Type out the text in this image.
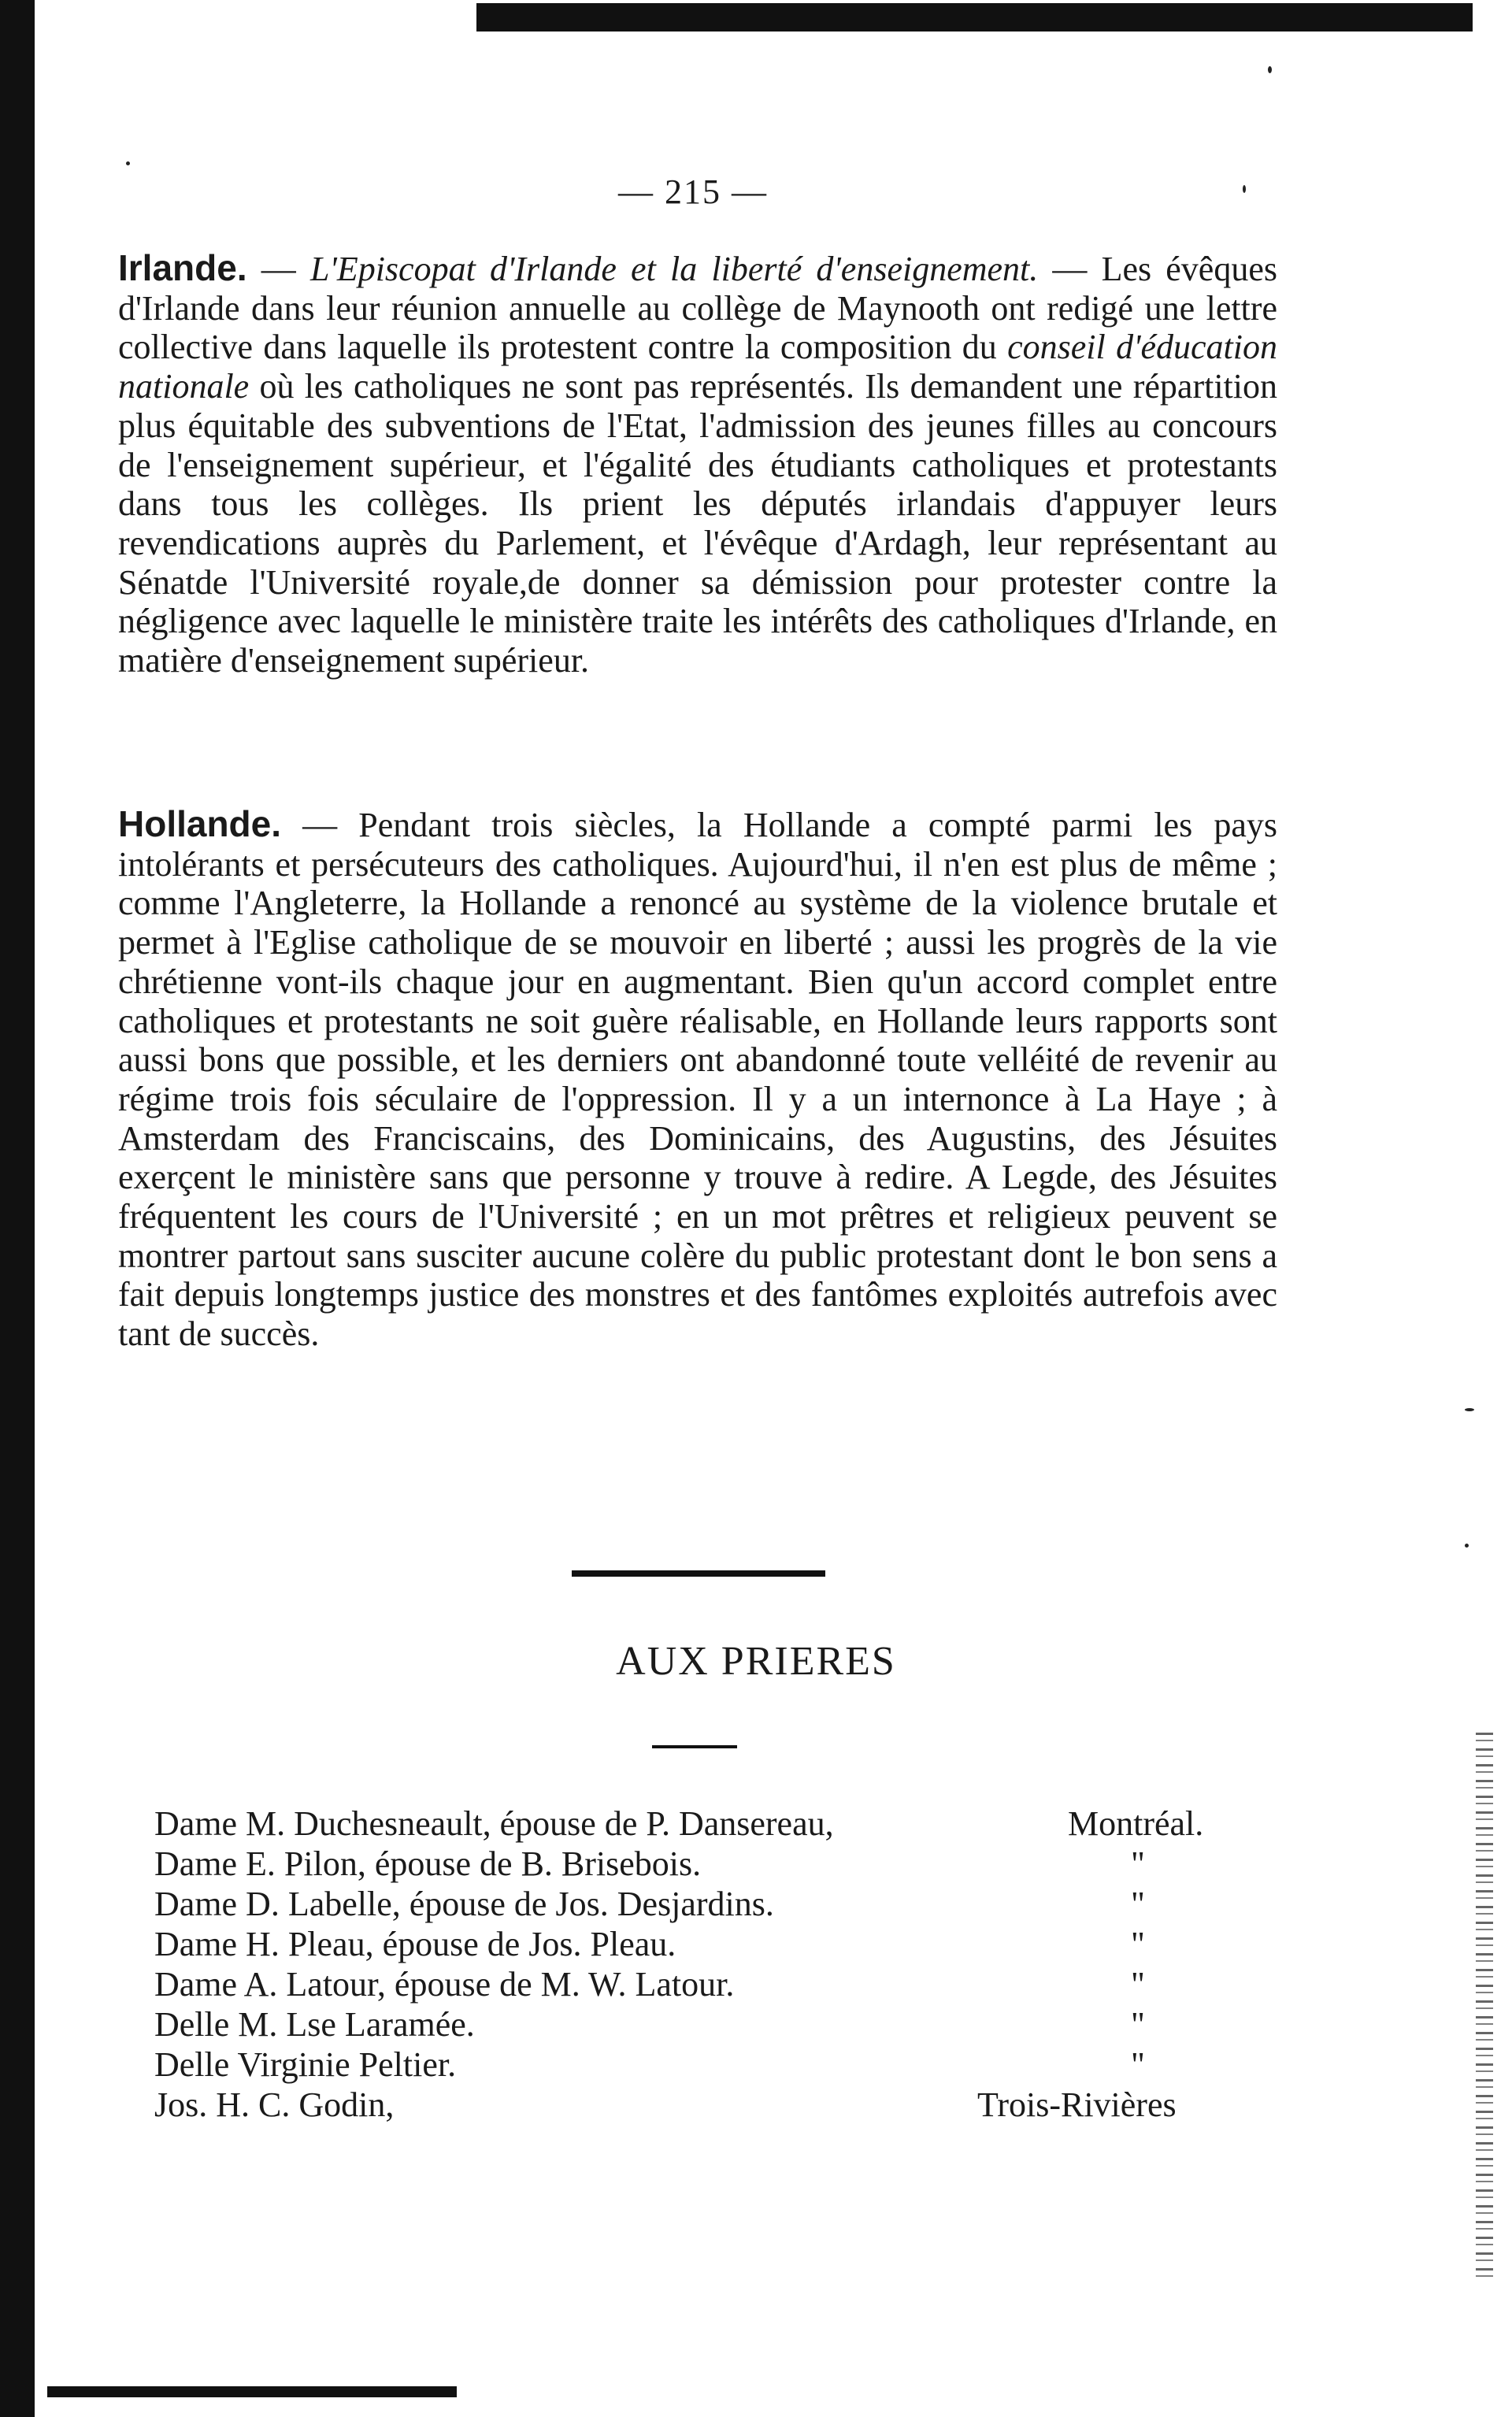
— 215 —

Irlande. — L'Episcopat d'Irlande et la liberté d'enseignement. — Les évêques d'Irlande dans leur réunion annuelle au collège de Maynooth ont redigé une lettre collective dans laquelle ils protestent contre la composition du conseil d'éducation nationale où les catholiques ne sont pas représentés. Ils demandent une répartition plus équitable des subventions de l'Etat, l'admission des jeunes filles au concours de l'enseignement supérieur, et l'égalité des étudiants catholiques et protestants dans tous les collèges. Ils prient les députés irlandais d'appuyer leurs revendications auprès du Parlement, et l'évêque d'Ardagh, leur représentant au Sénatde l'Université royale,de donner sa démission pour protester contre la négligence avec laquelle le ministère traite les intérêts des catholiques d'Irlande, en matière d'enseignement supérieur.

Hollande. — Pendant trois siècles, la Hollande a compté parmi les pays intolérants et persécuteurs des catholiques. Aujourd'hui, il n'en est plus de même ; comme l'Angleterre, la Hollande a renoncé au système de la violence brutale et permet à l'Eglise catholique de se mouvoir en liberté ; aussi les progrès de la vie chrétienne vont-ils chaque jour en augmentant. Bien qu'un accord complet entre catholiques et protestants ne soit guère réalisable, en Hollande leurs rapports sont aussi bons que possible, et les derniers ont abandonné toute velléité de revenir au régime trois fois séculaire de l'oppression. Il y a un internonce à La Haye ; à Amsterdam des Franciscains, des Dominicains, des Augustins, des Jésuites exerçent le ministère sans que personne y trouve à redire. A Legde, des Jésuites fréquentent les cours de l'Université ; en un mot prêtres et religieux peuvent se montrer partout sans susciter aucune colère du public protestant dont le bon sens a fait depuis longtemps justice des monstres et des fantômes exploités autrefois avec tant de succès.

AUX PRIERES
Dame M. Duchesneault, épouse de P. Dansereau,	Montréal.
Dame E. Pilon, épouse de B. Brisebois.	"
Dame D. Labelle, épouse de Jos. Desjardins.	"
Dame H. Pleau, épouse de Jos. Pleau.	"
Dame A. Latour, épouse de M. W. Latour.	"
Delle M. Lse Laramée.	"
Delle Virginie Peltier.	"
Jos. H. C. Godin,	Trois-Rivières
